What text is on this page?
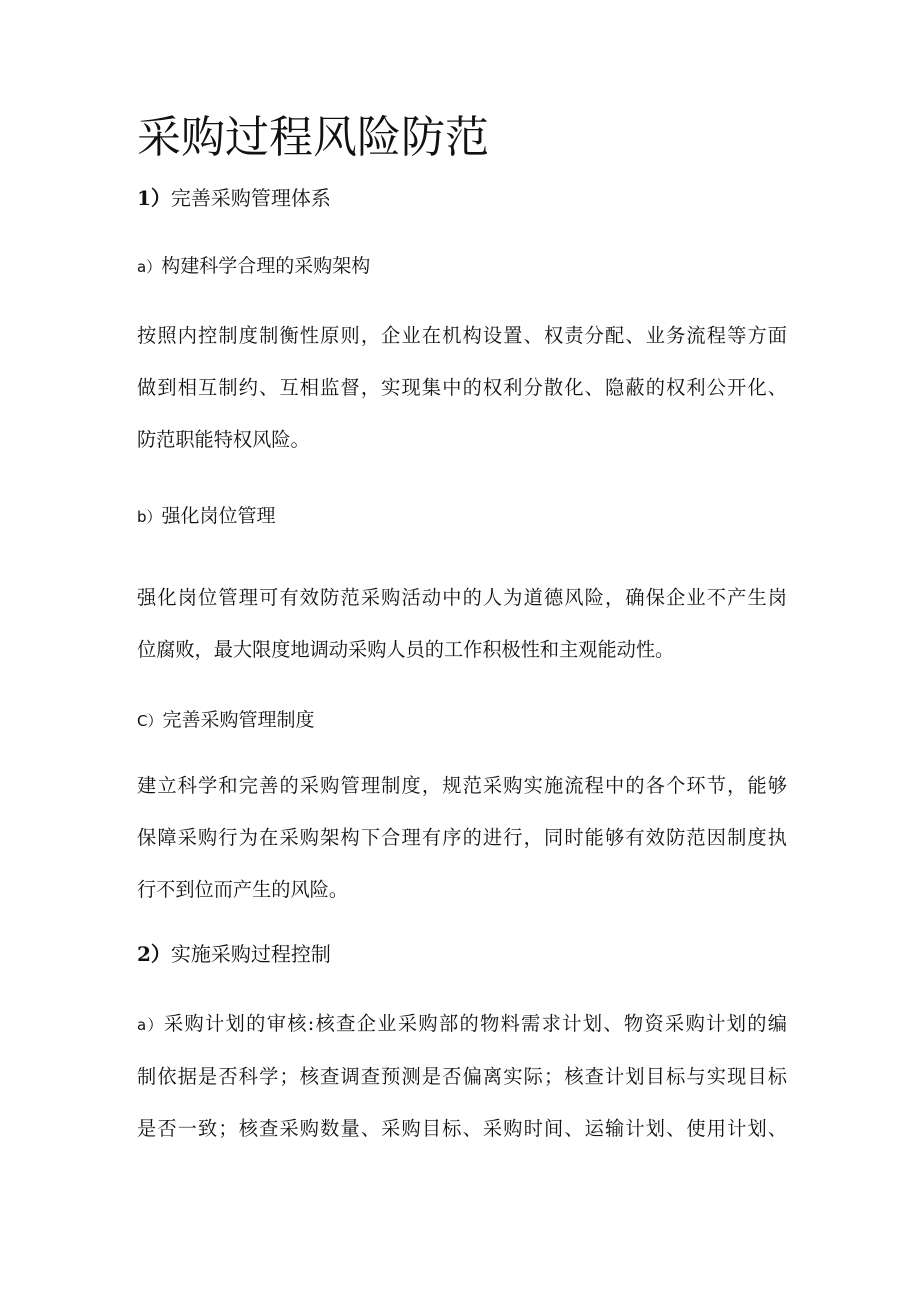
采购过程风险防范
1）完善采购管理体系
a）构建科学合理的采购架构
按照内控制度制衡性原则，企业在机构设置、权责分配、业务流程等方面
做到相互制约、互相监督，实现集中的权利分散化、隐蔽的权利公开化、
防范职能特权风险。
b）强化岗位管理
强化岗位管理可有效防范采购活动中的人为道德风险，确保企业不产生岗
位腐败，最大限度地调动采购人员的工作积极性和主观能动性。
C）完善采购管理制度
建立科学和完善的采购管理制度，规范采购实施流程中的各个环节，能够
保障采购行为在采购架构下合理有序的进行，同时能够有效防范因制度执
行不到位而产生的风险。
2）实施采购过程控制
a）采购计划的审核:核查企业采购部的物料需求计划、物资采购计划的编
制依据是否科学；核查调查预测是否偏离实际；核查计划目标与实现目标
是否一致；核查采购数量、采购目标、采购时间、运输计划、使用计划、
